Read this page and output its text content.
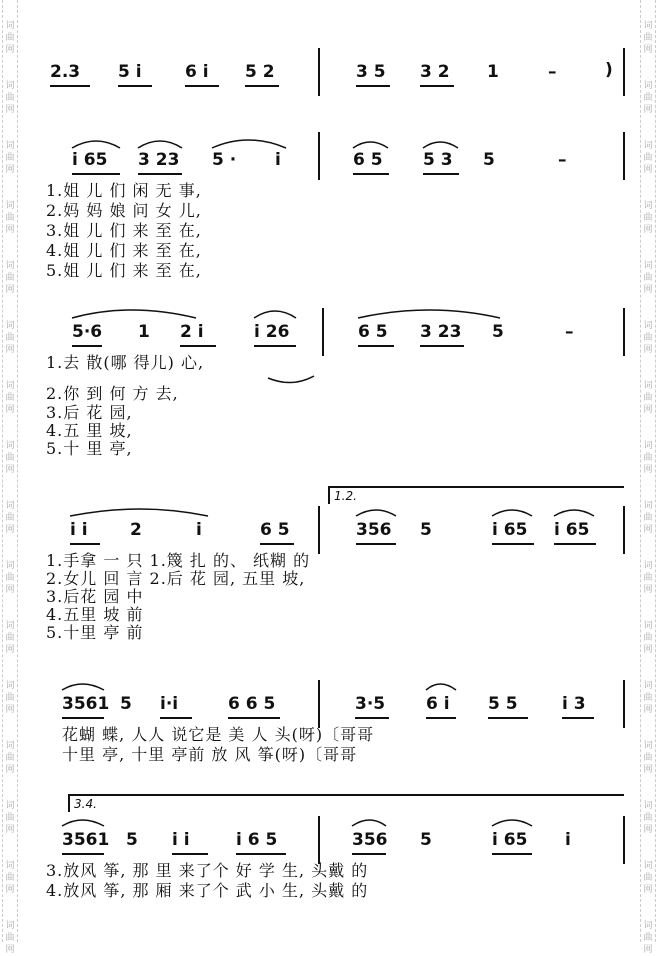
词
曲
网
词
曲
网
词
曲
网
词
曲
网
词
曲
网
词
曲
网
词
曲
网
词
曲
网
词
曲
网
词
曲
网
词
曲
网
词
曲
网
词
曲
网
词
曲
网
词
曲
网
词
曲
网
词
曲
网
词
曲
网
词
曲
网
词
曲
网
词
曲
网
词
曲
网
词
曲
网
词
曲
网
词
曲
网
词
曲
网
词
曲
网
词
曲
网
词
曲
网
词
曲
网
词
曲
网
词
曲
网
2.3 5 i	6 i 5 2	3 5 3 2 1	–	)
i 65 3 23 5 · i	6 5 5 3 5	–
1.姐 儿 们 闲 无 事,
2.妈 妈 娘 问 女 儿,
3.姐 儿 们 来 至 在,
4.姐 儿 们 来 至 在,
5.姐 儿 们 来 至 在,
5·6 1 2 i	i 26	6 5 3 23 5	–
1.去 散(哪 得儿) 心,
2.你 到 何 方 去,
3.后 花 园,
4.五 里 坡,
5.十 里 亭,
1.2.
i i 2	i	6 5	356 5	i 65 i 65
1.手拿 一 只 1.篾 扎 的、 纸糊 的
2.女儿 回 言 2.后 花 园, 五里 坡,
3.后花 园 中
4.五里 坡 前
5.十里 亭 前
3561 5 i·i	6 6 5	3·5 6 i 5 5	i 3
花蝴 蝶, 人人 说它是 美 人 头(呀)〔哥哥
十里 亭, 十里 亭前 放 风 筝(呀)〔哥哥
3.4.
3561 5 i i	i 6 5	356 5	i 65 i
3.放风 筝, 那 里 来了个 好 学 生, 头戴 的
4.放风 筝, 那 厢 来了个 武 小 生, 头戴 的
